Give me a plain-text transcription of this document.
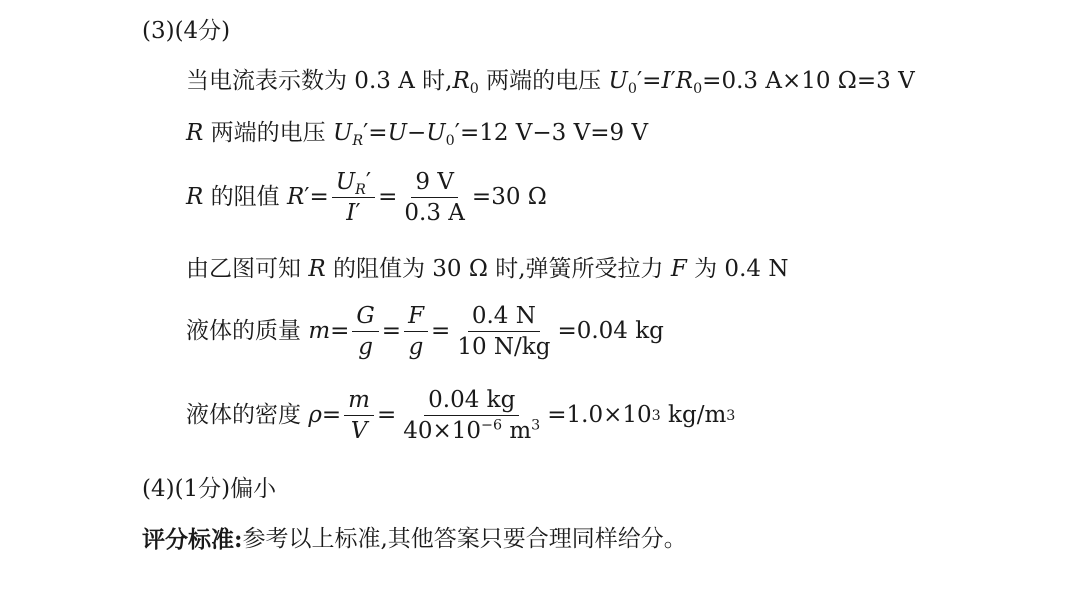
(3)(4分)
当电流表示数为 0.3 A 时, $R_0$ 两端的电压 $U_0'=I'R_0 =0.3$ A×10 Ω=3 V
R 两端的电压 $U_R'=U-U_0' =12$ V−3 V=9 V
R 的阻值 $R'= \frac{U_R'}{I'} = \frac{9 V}{0.3 A} =30$ Ω
由乙图可知 R 的阻值为 30 Ω 时,弹簧所受拉力 F 为 0.4 N
液体的质量 $m= \frac{G}{g} = \frac{F}{g} = \frac{0.4 N}{10 N/kg} =0.04$ kg
液体的密度 $\rho= \frac{m}{V} = \frac{0.04 kg}{40\times 10^{-6} m^3} =1.0\times 10$ 3 kg/m 3
(4)(1分)偏小
评分标准: 参考以上标准,其他答案只要合理同样给分。
